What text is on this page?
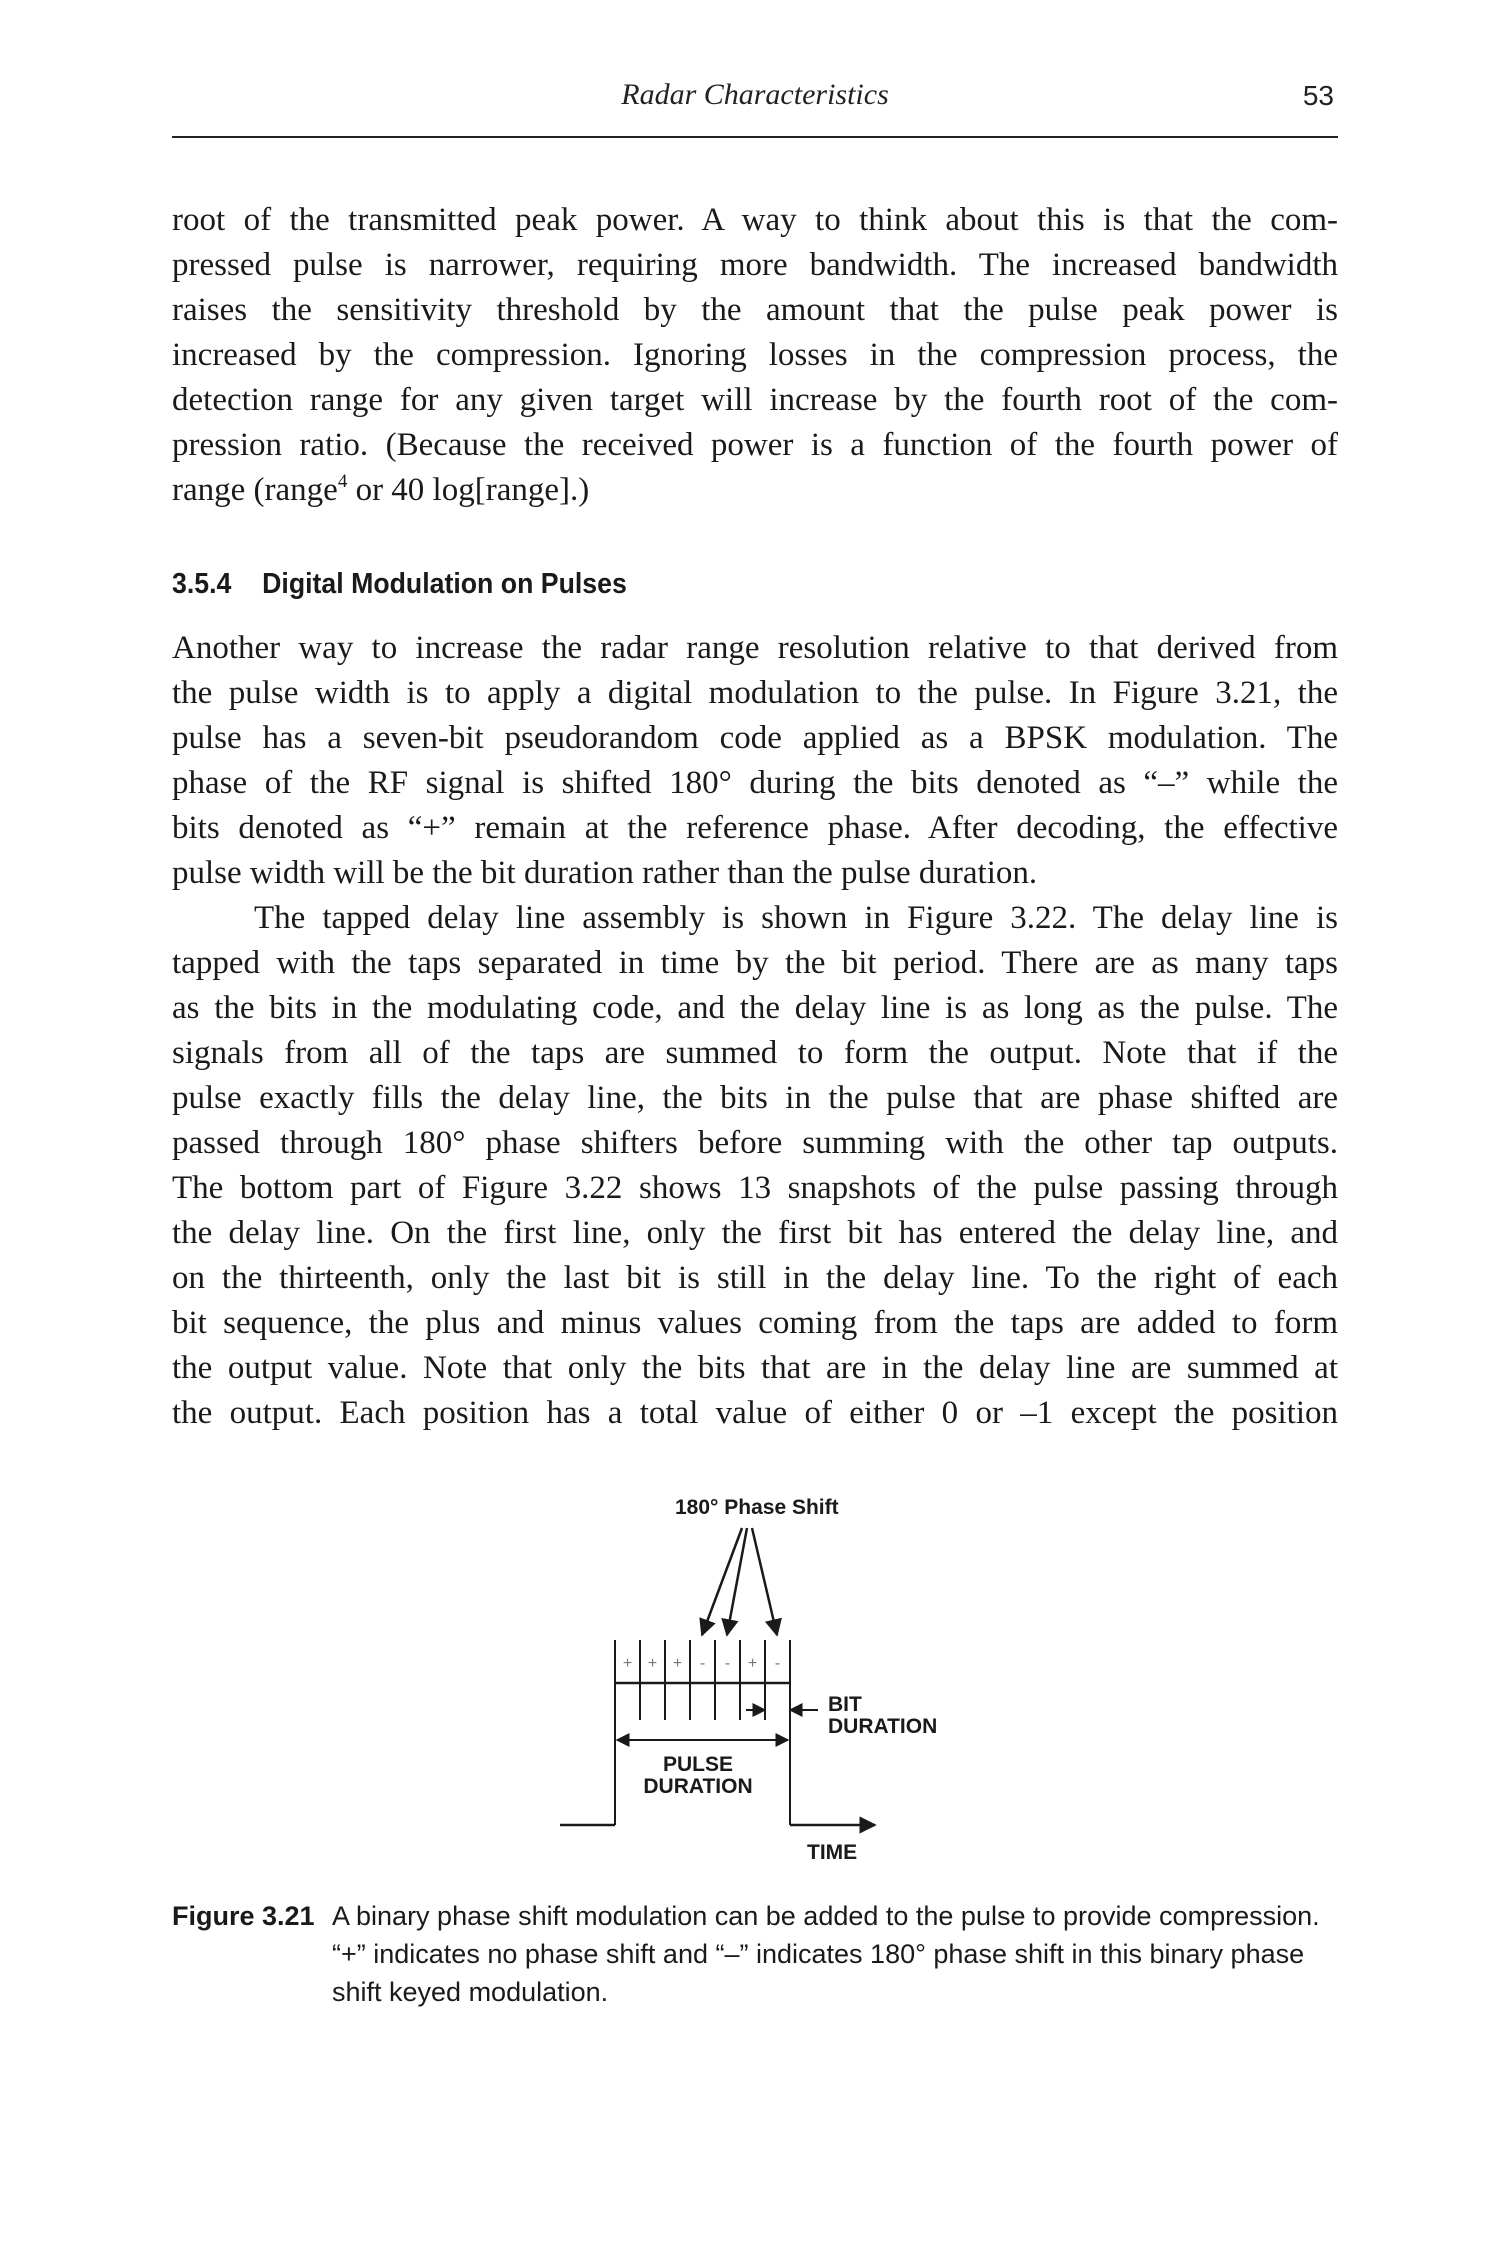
Radar Characteristics	53

root of the transmitted peak power. A way to think about this is that the com-
pressed pulse is narrower, requiring more bandwidth. The increased bandwidth
raises the sensitivity threshold by the amount that the pulse peak power is
increased by the compression. Ignoring losses in the compression process, the
detection range for any given target will increase by the fourth root of the com-
pression ratio. (Because the received power is a function of the fourth power of
range (range$^4$ or 40 log[range].)

3.5.4 Digital Modulation on Pulses

Another way to increase the radar range resolution relative to that derived from
the pulse width is to apply a digital modulation to the pulse. In Figure 3.21, the
pulse has a seven-bit pseudorandom code applied as a BPSK modulation. The
phase of the RF signal is shifted 180° during the bits denoted as “–” while the
bits denoted as “+” remain at the reference phase. After decoding, the effective
pulse width will be the bit duration rather than the pulse duration.

The tapped delay line assembly is shown in Figure 3.22. The delay line is
tapped with the taps separated in time by the bit period. There are as many taps
as the bits in the modulating code, and the delay line is as long as the pulse. The
signals from all of the taps are summed to form the output. Note that if the
pulse exactly fills the delay line, the bits in the pulse that are phase shifted are
passed through 180° phase shifters before summing with the other tap outputs.
The bottom part of Figure 3.22 shows 13 snapshots of the pulse passing through
the delay line. On the first line, only the first bit has entered the delay line, and
on the thirteenth, only the last bit is still in the delay line. To the right of each
bit sequence, the plus and minus values coming from the taps are added to form
the output value. Note that only the bits that are in the delay line are summed at
the output. Each position has a total value of either 0 or –1 except the position

180° Phase Shift
+ + + - - + -
BIT
DURATION
PULSE
DURATION
TIME
Figure 3.21 A binary phase shift modulation can be added to the pulse to provide compression. “+” indicates no phase shift and “–” indicates 180° phase shift in this binary phase shift keyed modulation.
